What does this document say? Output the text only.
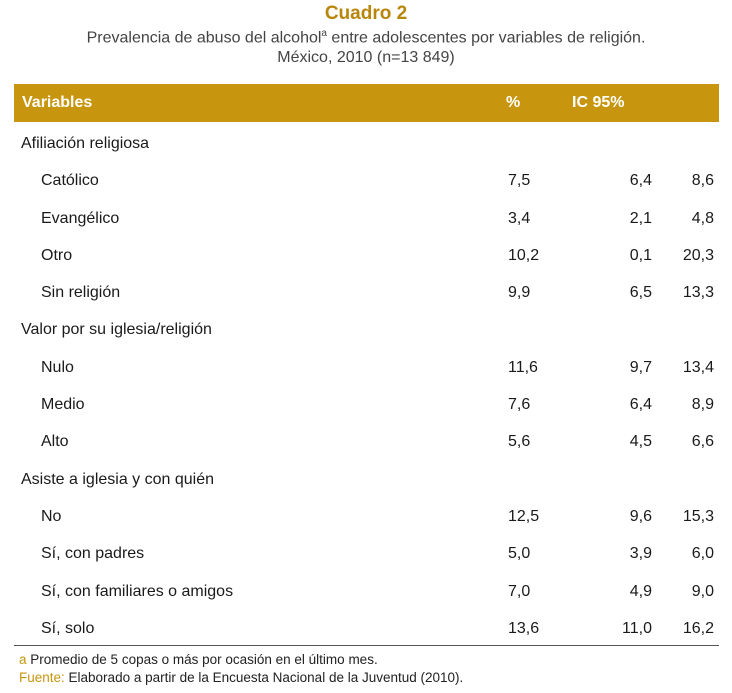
Cuadro 2
Prevalencia de abuso del alcohol$^a$ entre adolescentes por variables de religión.
México, 2010 (n=13 849)
Variables	%	IC 95%
Afiliación religiosa
Católico	7,5	6,4 8,6
Evangélico	3,4	2,1 4,8
Otro	10,2	0,1 20,3
Sin religión	9,9	6,5 13,3
Valor por su iglesia/religión
Nulo	11,6	9,7 13,4
Medio	7,6	6,4 8,9
Alto	5,6	4,5 6,6
Asiste a iglesia y con quién
No	12,5	9,6 15,3
Sí, con padres	5,0	3,9 6,0
Sí, con familiares o amigos	7,0	4,9 9,0
Sí, solo	13,6	11,0 16,2
a Promedio de 5 copas o más por ocasión en el último mes.
Fuente: Elaborado a partir de la Encuesta Nacional de la Juventud (2010).
